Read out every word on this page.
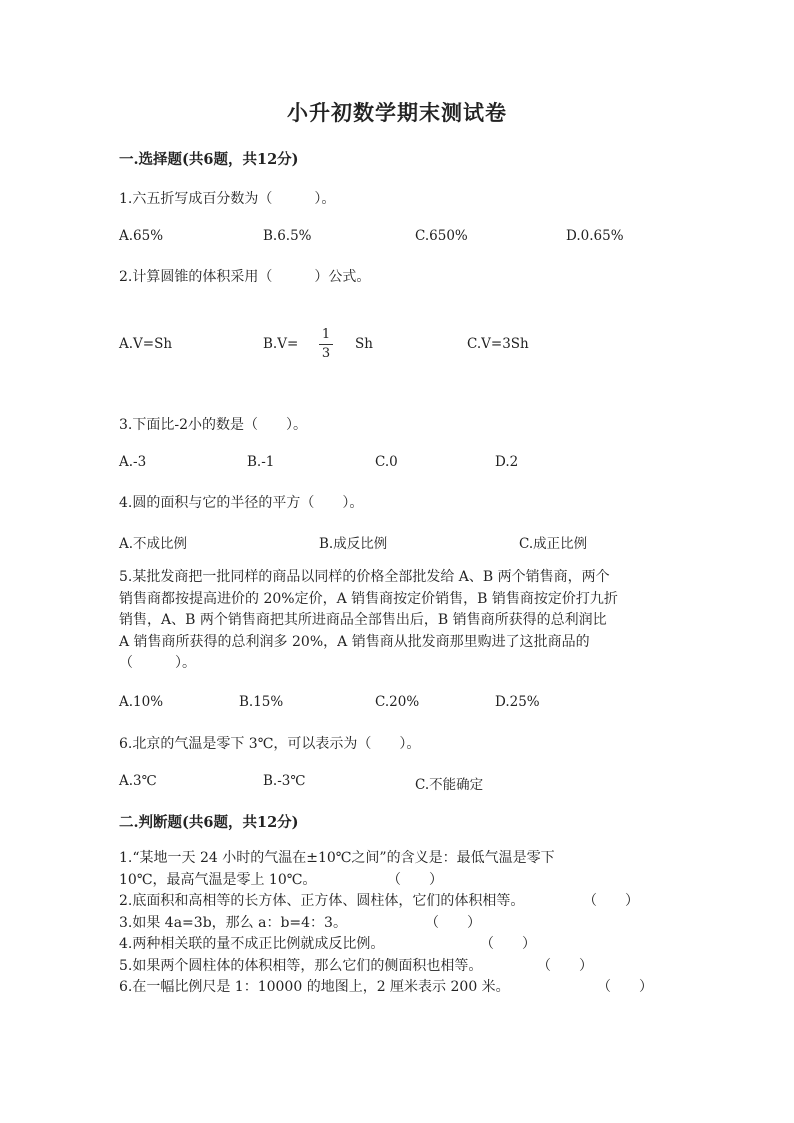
小升初数学期末测试卷
一.选择题(共6题，共12分)
1.六五折写成百分数为（　　　）。
A.65%	B.6.5%	C.650%	D.0.65%
2.计算圆锥的体积采用（　　　）公式。
A.V=Sh	B.V=
1
3
Sh	C.V=3Sh
3.下面比-2小的数是（　　）。
A.-3	B.-1	C.0	D.2
4.圆的面积与它的半径的平方（　　）。
A.不成比例	B.成反比例	C.成正比例
5.某批发商把一批同样的商品以同样的价格全部批发给 A、B 两个销售商，两个
销售商都按提高进价的 20%定价，A 销售商按定价销售，B 销售商按定价打九折
销售，A、B 两个销售商把其所进商品全部售出后，B 销售商所获得的总利润比
A 销售商所获得的总利润多 20%，A 销售商从批发商那里购进了这批商品的
（　　　）。
A.10%	B.15%	C.20%	D.25%
6.北京的气温是零下 3℃，可以表示为（　　）。
A.3℃	B.-3℃	C.不能确定
二.判断题(共6题，共12分)
1.“某地一天 24 小时的气温在±10℃之间”的含义是：最低气温是零下
10℃，最高气温是零上 10℃。	（　　）
2.底面积和高相等的长方体、正方体、圆柱体，它们的体积相等。	（　　）
3.如果 4a=3b，那么 a：b=4：3。	（　　）
4.两种相关联的量不成正比例就成反比例。	（　　）
5.如果两个圆柱体的体积相等，那么它们的侧面积也相等。	（　　）
6.在一幅比例尺是 1：10000 的地图上，2 厘米表示 200 米。	（　　）
